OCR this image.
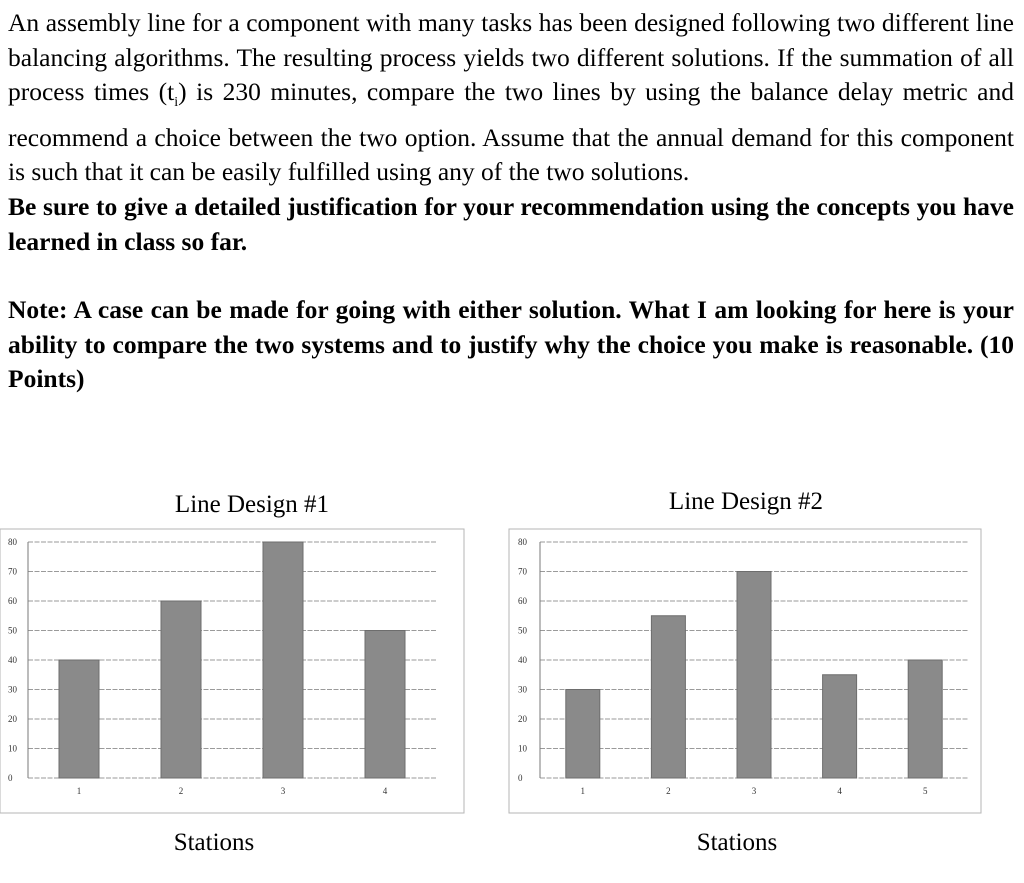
An assembly line for a component with many tasks has been designed following two different line balancing algorithms. The resulting process yields two different solutions. If the summation of all process times $(t_i)$ is 230 minutes, compare the two lines by using the balance delay metric and recommend a choice between the two option. Assume that the annual demand for this component is such that it can be easily fulfilled using any of the two solutions.

Be sure to give a detailed justification for your recommendation using the concepts you have learned in class so far.

Note: A case can be made for going with either solution. What I am looking for here is your ability to compare the two systems and to justify why the choice you make is reasonable. (10 Points)

0
10
20
30
40
50
60
70
80
1	2	3	4
Line Design #1
Stations
0
10
20
30
40
50
60
70
80
1	2	3	4	5
Line Design #2
Stations
